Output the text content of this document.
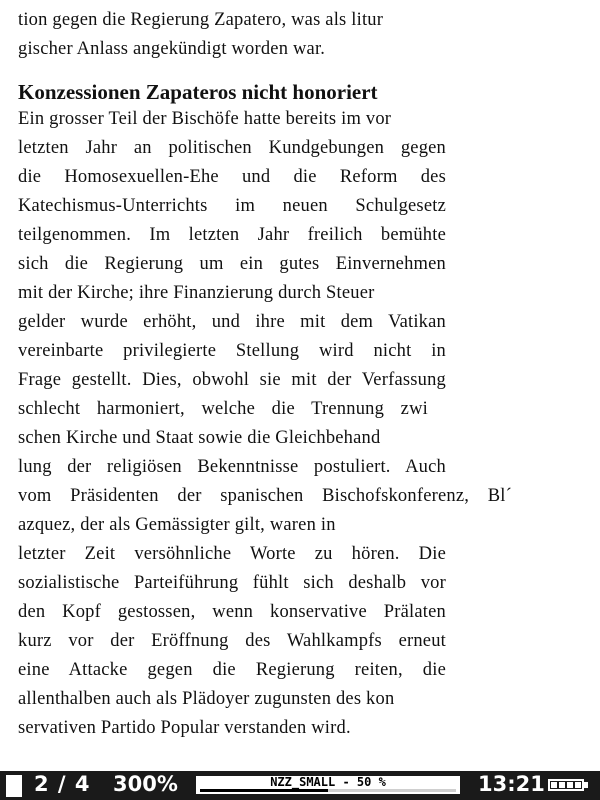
tion gegen die Regierung Zapatero, was als litur
gischer Anlass angekündigt worden war.
Konzessionen Zapateros nicht honoriert
Ein grosser Teil der Bischöfe hatte bereits im vor
letzten Jahr an politischen Kundgebungen gegen
die Homosexuellen-Ehe und die Reform des
Katechismus-Unterrichts im neuen Schulgesetz
teilgenommen. Im letzten Jahr freilich bemühte
sich die Regierung um ein gutes Einvernehmen
mit der Kirche; ihre Finanzierung durch Steuer
gelder wurde erhöht, und ihre mit dem Vatikan
vereinbarte privilegierte Stellung wird nicht in
Frage gestellt. Dies, obwohl sie mit der Verfassung
schlecht harmoniert, welche die Trennung zwi
schen Kirche und Staat sowie die Gleichbehand
lung der religiösen Bekenntnisse postuliert. Auch
vom Präsidenten der spanischen Bischofskonferenz, Bl´
azquez, der als Gemässigter gilt, waren in
letzter Zeit versöhnliche Worte zu hören. Die
sozialistische Parteiführung fühlt sich deshalb vor
den Kopf gestossen, wenn konservative Prälaten
kurz vor der Eröffnung des Wahlkampfs erneut
eine Attacke gegen die Regierung reiten, die
allenthalben auch als Plädoyer zugunsten des kon
servativen Partido Popular verstanden wird.
2 / 4 300%	NZZ_SMALL - 50 %	13:21
